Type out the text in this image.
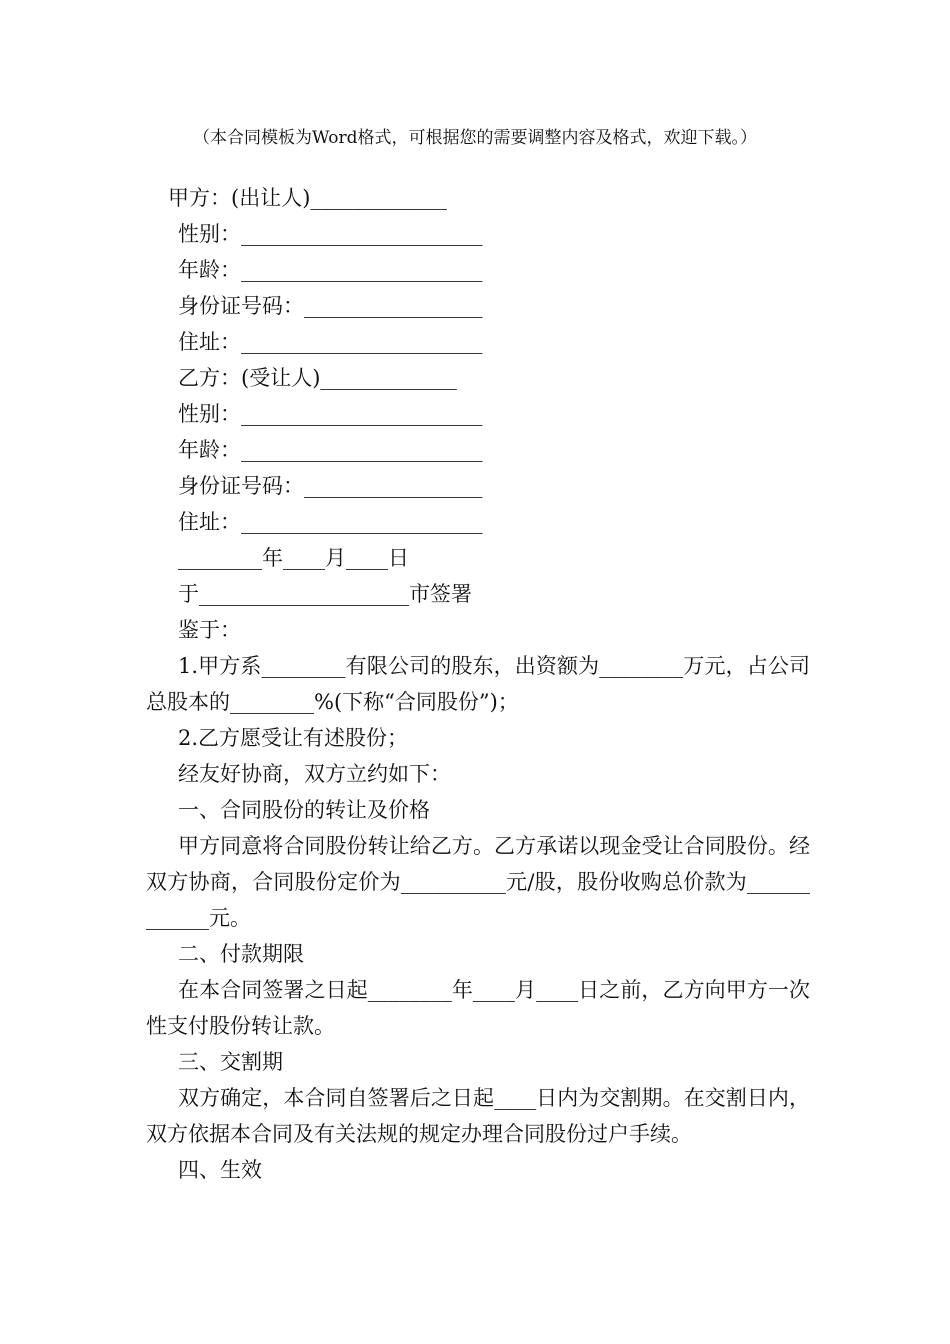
（本合同模板为Word格式，可根据您的需要调整内容及格式，欢迎下载。）
甲方：(出让人)_____________
性别：_______________________
年龄：_______________________
身份证号码：_________________
住址：_______________________
乙方：(受让人)_____________
性别：_______________________
年龄：_______________________
身份证号码：_________________
住址：_______________________
________年____月____日
于____________________市签署
鉴于：
1.甲方系________有限公司的股东，出资额为________万元，占公司总股本的________%(下称“合同股份”)；
2.乙方愿受让有述股份；
经友好协商，双方立约如下：
一、合同股份的转让及价格
甲方同意将合同股份转让给乙方。乙方承诺以现金受让合同股份。经双方协商，合同股份定价为__________元/股，股份收购总价款为____________元。
二、付款期限
在本合同签署之日起________年____月____日之前，乙方向甲方一次性支付股份转让款。
三、交割期
双方确定，本合同自签署后之日起____日内为交割期。在交割日内，双方依据本合同及有关法规的规定办理合同股份过户手续。
四、生效
